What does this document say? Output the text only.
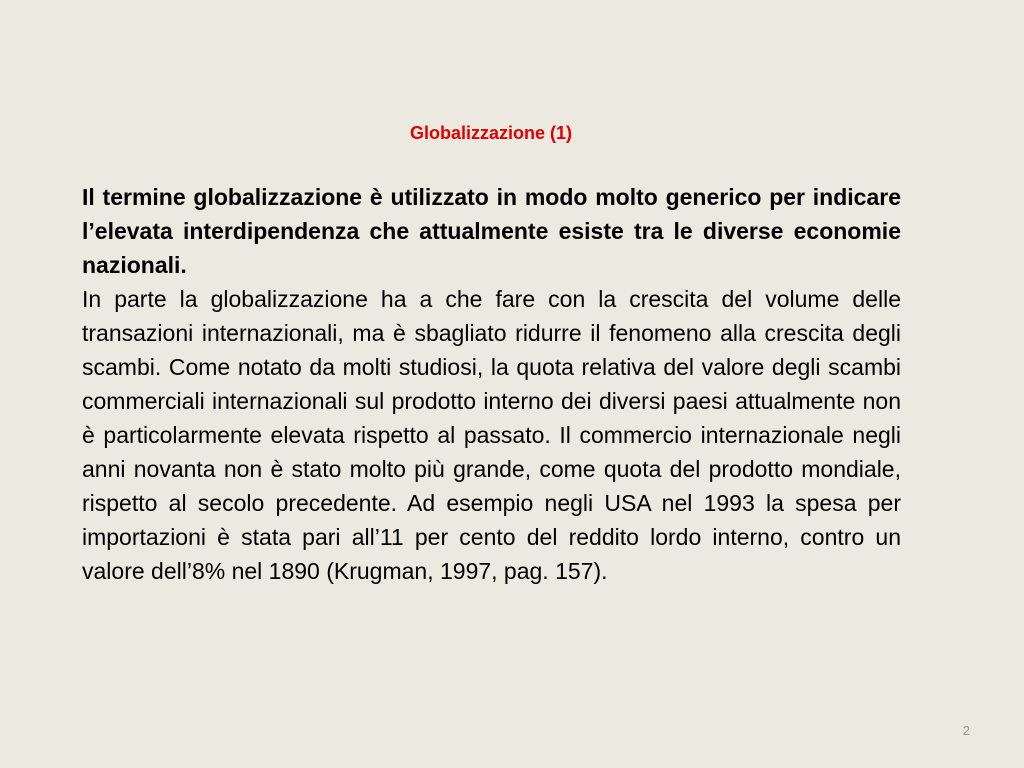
Globalizzazione (1)

Il termine globalizzazione è utilizzato in modo molto generico per indicare l’elevata interdipendenza che attualmente esiste tra le diverse economie nazionali.

In parte la globalizzazione ha a che fare con la crescita del volume delle transazioni internazionali, ma è sbagliato ridurre il fenomeno alla crescita degli scambi. Come notato da molti studiosi, la quota relativa del valore degli scambi commerciali internazionali sul prodotto interno dei diversi paesi attualmente non è particolarmente elevata rispetto al passato. Il commercio internazionale negli anni novanta non è stato molto più grande, come quota del prodotto mondiale, rispetto al secolo precedente. Ad esempio negli USA nel 1993 la spesa per importazioni è stata pari all’11 per cento del reddito lordo interno, contro un valore dell’8% nel 1890 (Krugman, 1997, pag. 157).

2
